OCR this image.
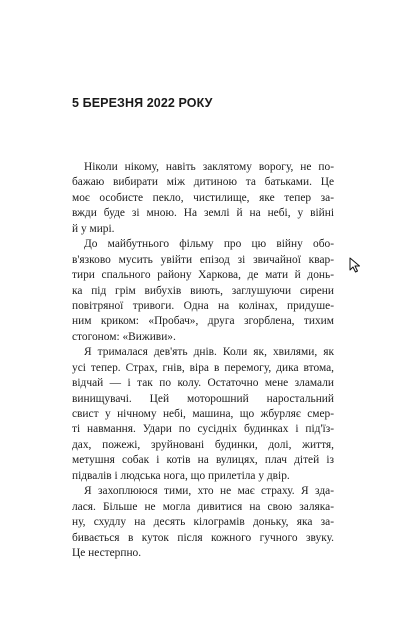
5 БЕРЕЗНЯ 2022 РОКУ
Ніколи нікому, навіть заклятому ворогу, не по-
бажаю вибирати між дитиною та батьками. Це
моє особисте пекло, чистилище, яке тепер за-
вжди буде зі мною. На землі й на небі, у війні
й у мирі.
До майбутнього фільму про цю війну обо-
в'язково мусить увійти епізод зі звичайної квар-
тири спального району Харкова, де мати й донь-
ка під грім вибухів виють, заглушуючи сирени
повітряної тривоги. Одна на колінах, придуше-
ним криком: «Пробач», друга згорблена, тихим
стогоном: «Виживи».
Я трималася дев'ять днів. Коли як, хвилями, як
усі тепер. Страх, гнів, віра в перемогу, дика втома,
відчай — і так по колу. Остаточно мене зламали
винищувачі. Цей моторошний наростальний
свист у нічному небі, машина, що жбурляє смер-
ті навмання. Удари по сусідніх будинках і під'їз-
дах, пожежі, зруйновані будинки, долі, життя,
метушня собак і котів на вулицях, плач дітей із
підвалів і людська нога, що прилетіла у двір.
Я захоплююся тими, хто не має страху. Я зда-
лася. Більше не могла дивитися на свою заляка-
ну, схудлу на десять кілограмів доньку, яка за-
бивається в куток після кожного гучного звуку.
Це нестерпно.
